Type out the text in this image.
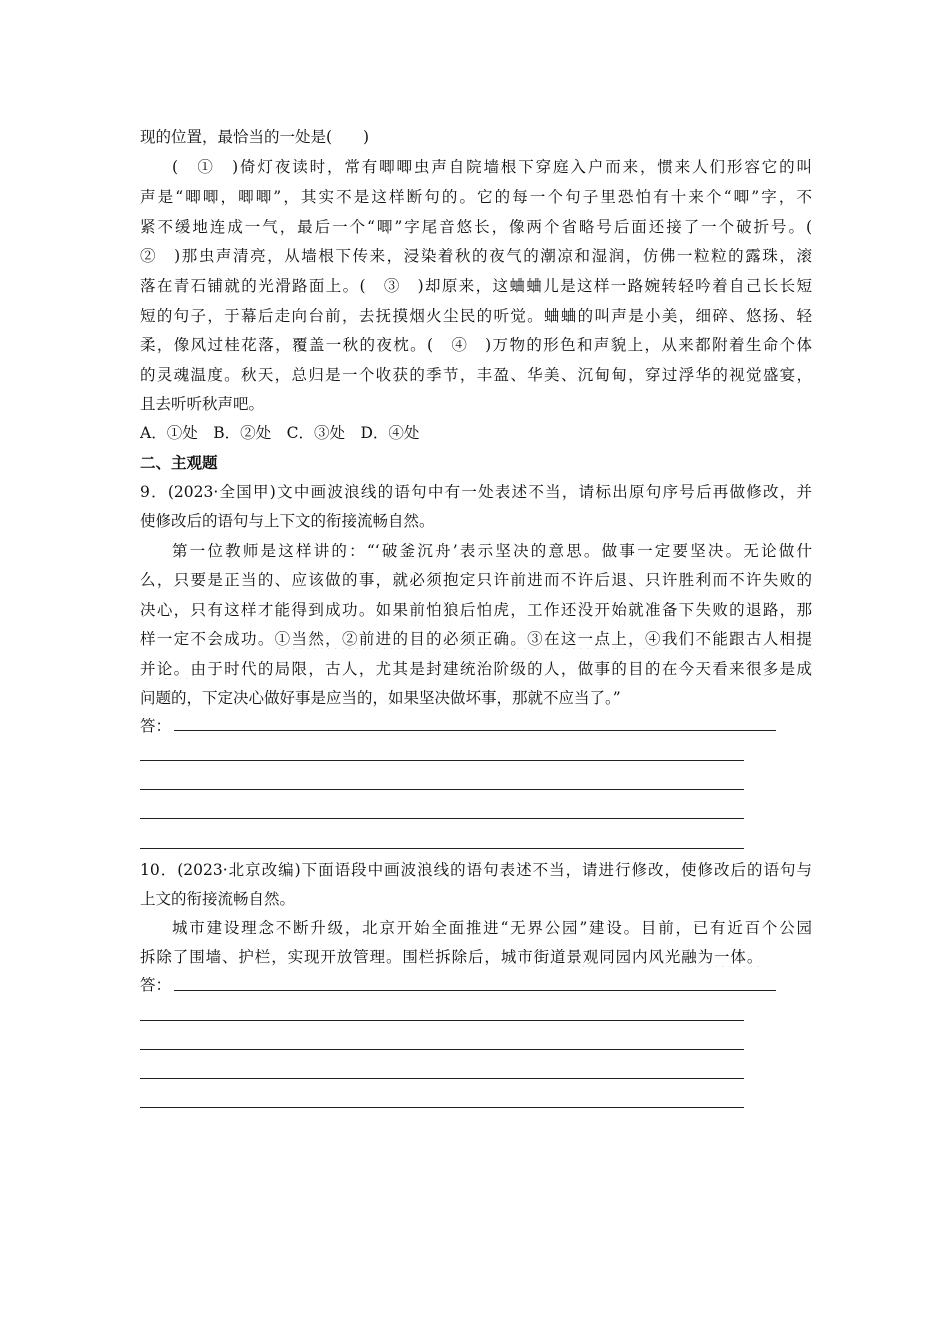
现的位置，最恰当的一处是(　　)
(　①　)倚灯夜读时，常有唧唧虫声自院墙根下穿庭入户而来，惯来人们形容它的叫
声是“唧唧，唧唧”，其实不是这样断句的。它的每一个句子里恐怕有十来个“唧”字，不
紧不缓地连成一气，最后一个“唧”字尾音悠长，像两个省略号后面还接了一个破折号。(
②　)那虫声清亮，从墙根下传来，浸染着秋的夜气的潮凉和湿润，仿佛一粒粒的露珠，滚
落在青石铺就的光滑路面上。(　③　)却原来，这蛐蛐儿是这样一路婉转轻吟着自己长长短
短的句子，于幕后走向台前，去抚摸烟火尘民的听觉。蛐蛐的叫声是小美，细碎、悠扬、轻
柔，像风过桂花落，覆盖一秋的夜枕。(　④　)万物的形色和声貌上，从来都附着生命个体
的灵魂温度。秋天，总归是一个收获的季节，丰盈、华美、沉甸甸，穿过浮华的视觉盛宴，
且去听听秋声吧。
A．①处　B．②处　C．③处　D．④处
二、主观题
9．(2023·全国甲)文中画波浪线的语句中有一处表述不当，请标出原句序号后再做修改，并
使修改后的语句与上下文的衔接流畅自然。
第一位教师是这样讲的：“‘破釜沉舟’表示坚决的意思。做事一定要坚决。无论做什
么，只要是正当的、应该做的事，就必须抱定只许前进而不许后退、只许胜利而不许失败的
决心，只有这样才能得到成功。如果前怕狼后怕虎，工作还没开始就准备下失败的退路，那
样一定不会成功。①当然，②前进的目的必须正确。③在这一点上，④我们不能跟古人相提
并论。由于时代的局限，古人，尤其是封建统治阶级的人，做事的目的在今天看来很多是成
问题的，下定决心做好事是应当的，如果坚决做坏事，那就不应当了。”
答：
10．(2023·北京改编)下面语段中画波浪线的语句表述不当，请进行修改，使修改后的语句与
上文的衔接流畅自然。
城市建设理念不断升级，北京开始全面推进“无界公园”建设。目前，已有近百个公园
拆除了围墙、护栏，实现开放管理。围栏拆除后，城市街道景观同园内风光融为一体。
答：
